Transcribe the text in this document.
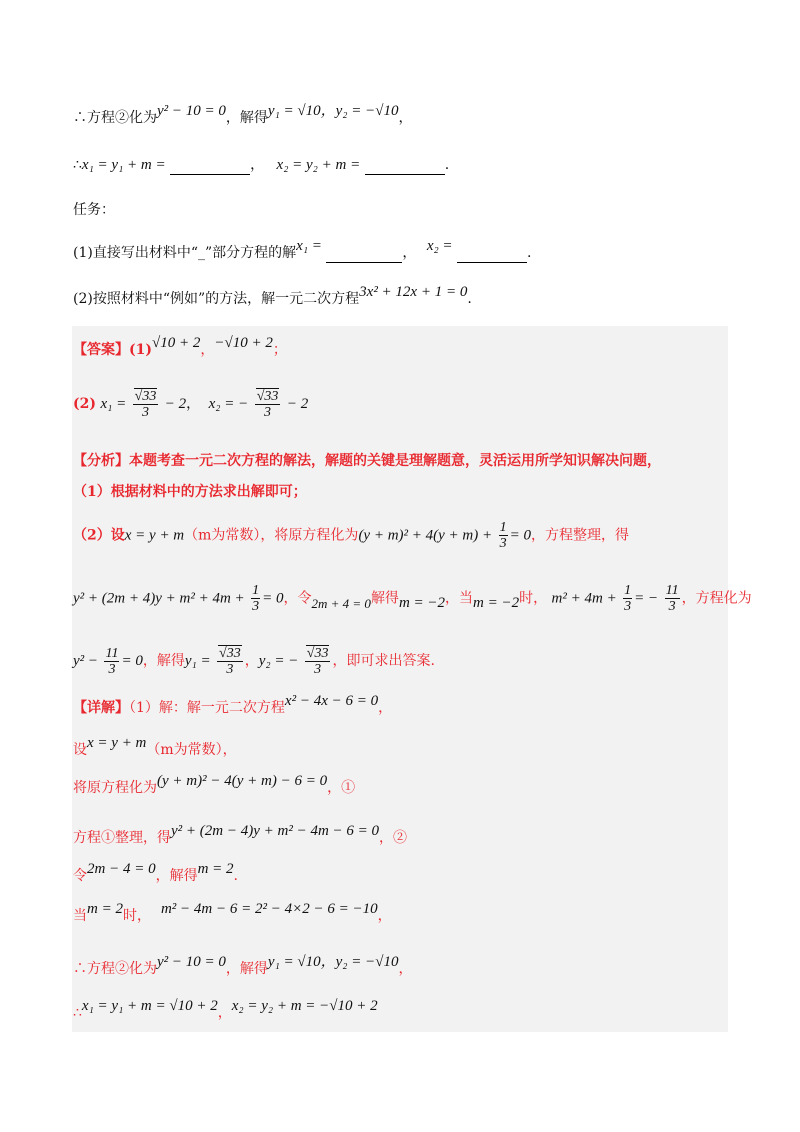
∴方程②化为y² − 10 = 0，解得y₁ = √10，y₂ = −√10，
∴x₁ = y₁ + m =	， x₂ = y₂ + m =	.
任务：
(1)直接写出材料中“_”部分方程的解x₁ =	， x₂ =	.
(2)按照材料中“例如”的方法，解一元二次方程3x² + 12x + 1 = 0.
【答案】(1)√10 + 2，−√10 + 2；
(2) $x_1 = \frac{√33}{3} - 2$， x₂ = − $\frac{√33}{3} - 2$
【分析】本题考查一元二次方程的解法，解题的关键是理解题意，灵活运用所学知识解决问题，
（1）根据材料中的方法求出解即可；
（2）设x = y + m（m为常数），将原方程化为$(y + m)^2 + 4(y + m) + \frac{1}{3} = 0$，方程整理，得
$y^2 + (2m + 4)y + m^2 + 4m + \frac{1}{3} = 0$，令2m + 4 = 0解得m = −2，当m = −2时， $m^2 + 4m + \frac{1}{3}$ = − $\frac{11}{3}$ ，方程化为
$y^2 - \frac{11}{3} = 0$，解得$y_1 = \frac{√33}{3}$ ，y₂ = − $\frac{√33}{3}$ ，即可求出答案.
【详解】（1）解：解一元二次方程x² − 4x − 6 = 0，
设x = y + m（m为常数），
将原方程化为(y + m)² − 4(y + m) − 6 = 0，①
方程①整理，得y² + (2m − 4)y + m² − 4m − 6 = 0，②
令2m − 4 = 0，解得m = 2.
当m = 2时， m² − 4m − 6 = 2² − 4×2 − 6 = −10，
∴方程②化为y² − 10 = 0，解得y₁ = √10，y₂ = −√10，
∴x₁ = y₁ + m = √10 + 2，x₂ = y₂ + m = −√10 + 2
